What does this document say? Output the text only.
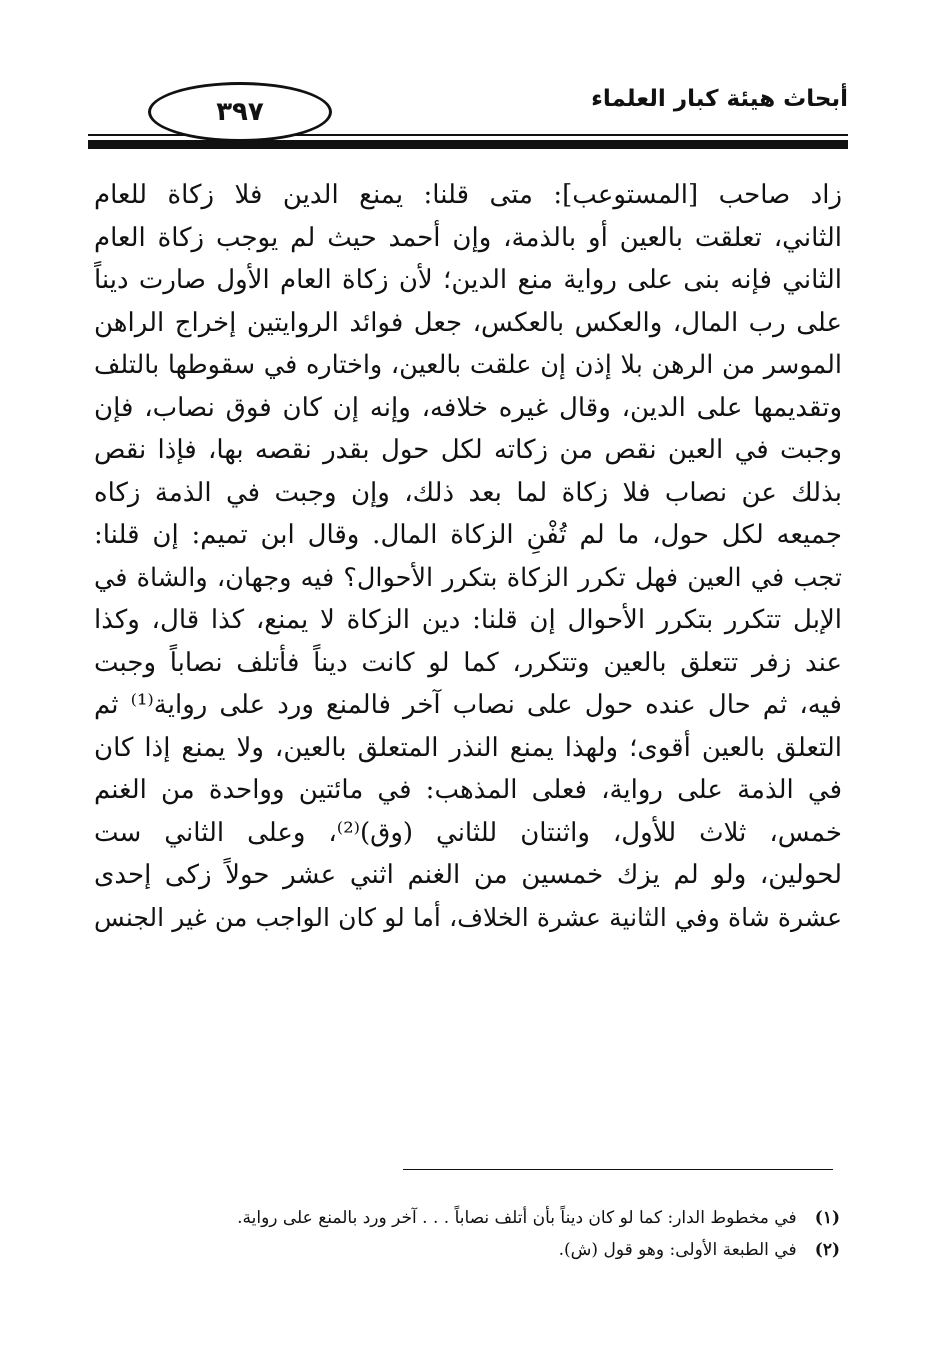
أبحاث هيئة كبار العلماء
٣٩٧
زاد صاحب [المستوعب]: متى قلنا: يمنع الدين فلا زكاة للعام
الثاني، تعلقت بالعين أو بالذمة، وإن أحمد حيث لم يوجب زكاة العام
الثاني فإنه بنى على رواية منع الدين؛ لأن زكاة العام الأول صارت ديناً
على رب المال، والعكس بالعكس، جعل فوائد الروايتين إخراج الراهن
الموسر من الرهن بلا إذن إن علقت بالعين، واختاره في سقوطها بالتلف
وتقديمها على الدين، وقال غيره خلافه، وإنه إن كان فوق نصاب، فإن
وجبت في العين نقص من زكاته لكل حول بقدر نقصه بها، فإذا نقص
بذلك عن نصاب فلا زكاة لما بعد ذلك، وإن وجبت في الذمة زكاه
جميعه لكل حول، ما لم تُفْنِ الزكاة المال. وقال ابن تميم: إن قلنا:
تجب في العين فهل تكرر الزكاة بتكرر الأحوال؟ فيه وجهان، والشاة في
الإبل تتكرر بتكرر الأحوال إن قلنا: دين الزكاة لا يمنع، كذا قال، وكذا
عند زفر تتعلق بالعين وتتكرر، كما لو كانت ديناً فأتلف نصاباً وجبت
فيه، ثم حال عنده حول على نصاب آخر فالمنع ورد على رواية⁽¹⁾ ثم
التعلق بالعين أقوى؛ ولهذا يمنع النذر المتعلق بالعين، ولا يمنع إذا كان
في الذمة على رواية، فعلى المذهب: في مائتين وواحدة من الغنم
خمس، ثلاث للأول، واثنتان للثاني (وق)⁽²⁾، وعلى الثاني ست
لحولين، ولو لم يزك خمسين من الغنم اثني عشر حولاً زكى إحدى
عشرة شاة وفي الثانية عشرة الخلاف، أما لو كان الواجب من غير الجنس
(١) في مخطوط الدار: كما لو كان ديناً بأن أتلف نصاباً . . . آخر ورد بالمنع على رواية.
(٢) في الطبعة الأولى: وهو قول (ش).
